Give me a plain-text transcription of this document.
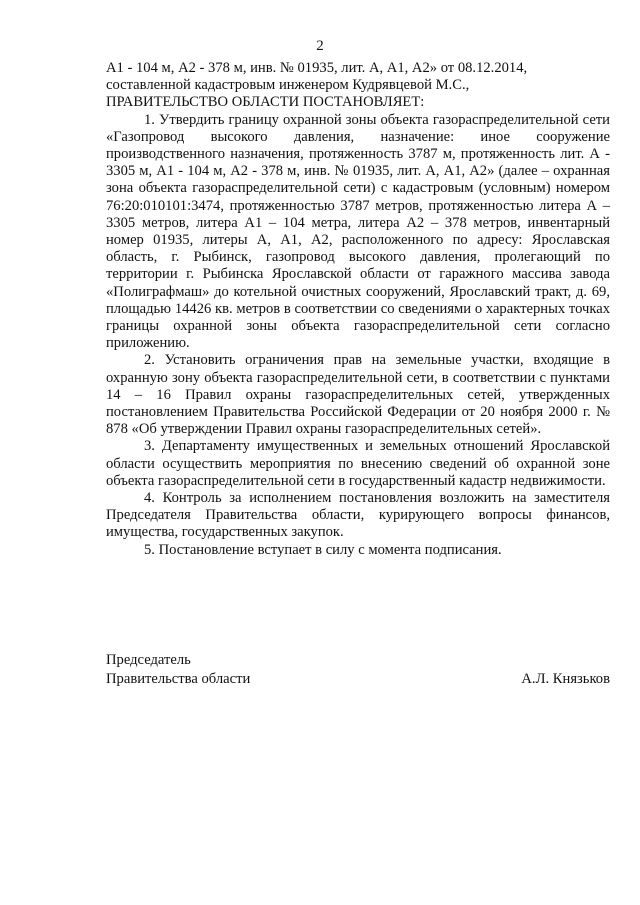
2

А1 - 104 м, А2 - 378 м, инв. № 01935, лит. А, А1, А2» от 08.12.2014, составленной кадастровым инженером Кудрявцевой М.С.,

ПРАВИТЕЛЬСТВО ОБЛАСТИ ПОСТАНОВЛЯЕТ:

1. Утвердить границу охранной зоны объекта газораспределительной сети «Газопровод высокого давления, назначение: иное сооружение производственного назначения, протяженность 3787 м, протяженность лит. А - 3305 м, А1 - 104 м, А2 - 378 м, инв. № 01935, лит. А, А1, А2» (далее – охранная зона объекта газораспределительной сети) с кадастровым (условным) номером 76:20:010101:3474, протяженностью 3787 метров, протяженностью литера А – 3305 метров, литера А1 – 104 метра, литера А2 – 378 метров, инвентарный номер 01935, литеры А, А1, А2, расположенного по адресу: Ярославская область, г. Рыбинск, газопровод высокого давления, пролегающий по территории г. Рыбинска Ярославской области от гаражного массива завода «Полиграфмаш» до котельной очистных сооружений, Ярославский тракт, д. 69, площадью 14426 кв. метров в соответствии со сведениями о характерных точках границы охранной зоны объекта газораспределительной сети согласно приложению.

2. Установить ограничения прав на земельные участки, входящие в охранную зону объекта газораспределительной сети, в соответствии с пунктами 14 – 16 Правил охраны газораспределительных сетей, утвержденных постановлением Правительства Российской Федерации от 20 ноября 2000 г. № 878 «Об утверждении Правил охраны газораспределительных сетей».

3. Департаменту имущественных и земельных отношений Ярославской области осуществить мероприятия по внесению сведений об охранной зоне объекта газораспределительной сети в государственный кадастр недвижимости.

4. Контроль за исполнением постановления возложить на заместителя Председателя Правительства области, курирующего вопросы финансов, имущества, государственных закупок.

5. Постановление вступает в силу с момента подписания.

Председатель
Правительства области	А.Л. Князьков
